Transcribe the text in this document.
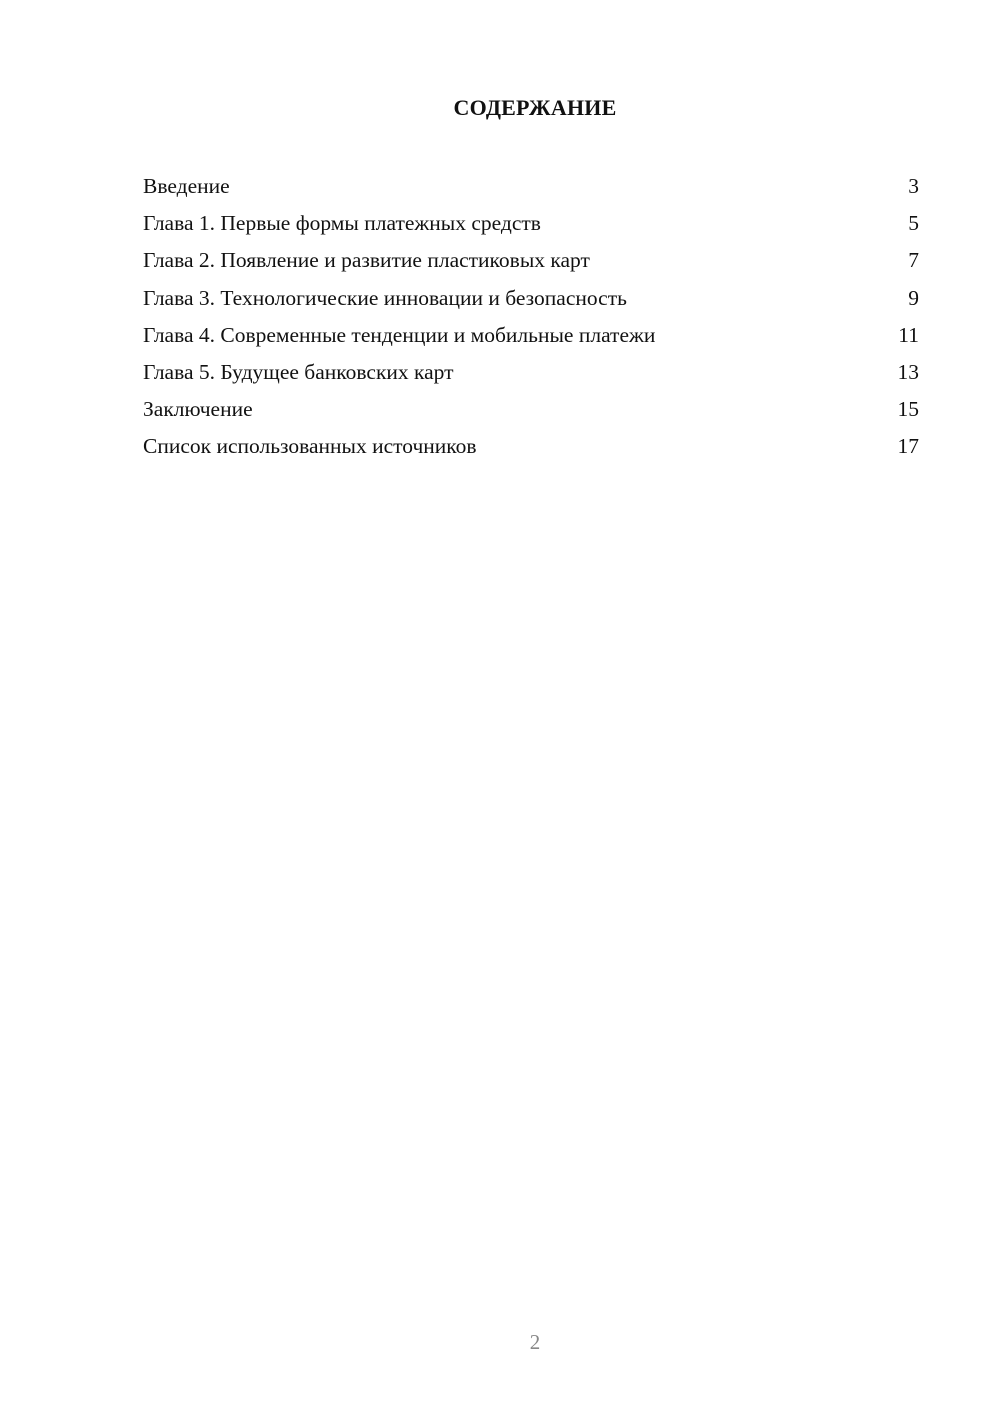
СОДЕРЖАНИЕ
Введение	3
Глава 1. Первые формы платежных средств	5
Глава 2. Появление и развитие пластиковых карт	7
Глава 3. Технологические инновации и безопасность	9
Глава 4. Современные тенденции и мобильные платежи	11
Глава 5. Будущее банковских карт	13
Заключение	15
Список использованных источников	17
2
